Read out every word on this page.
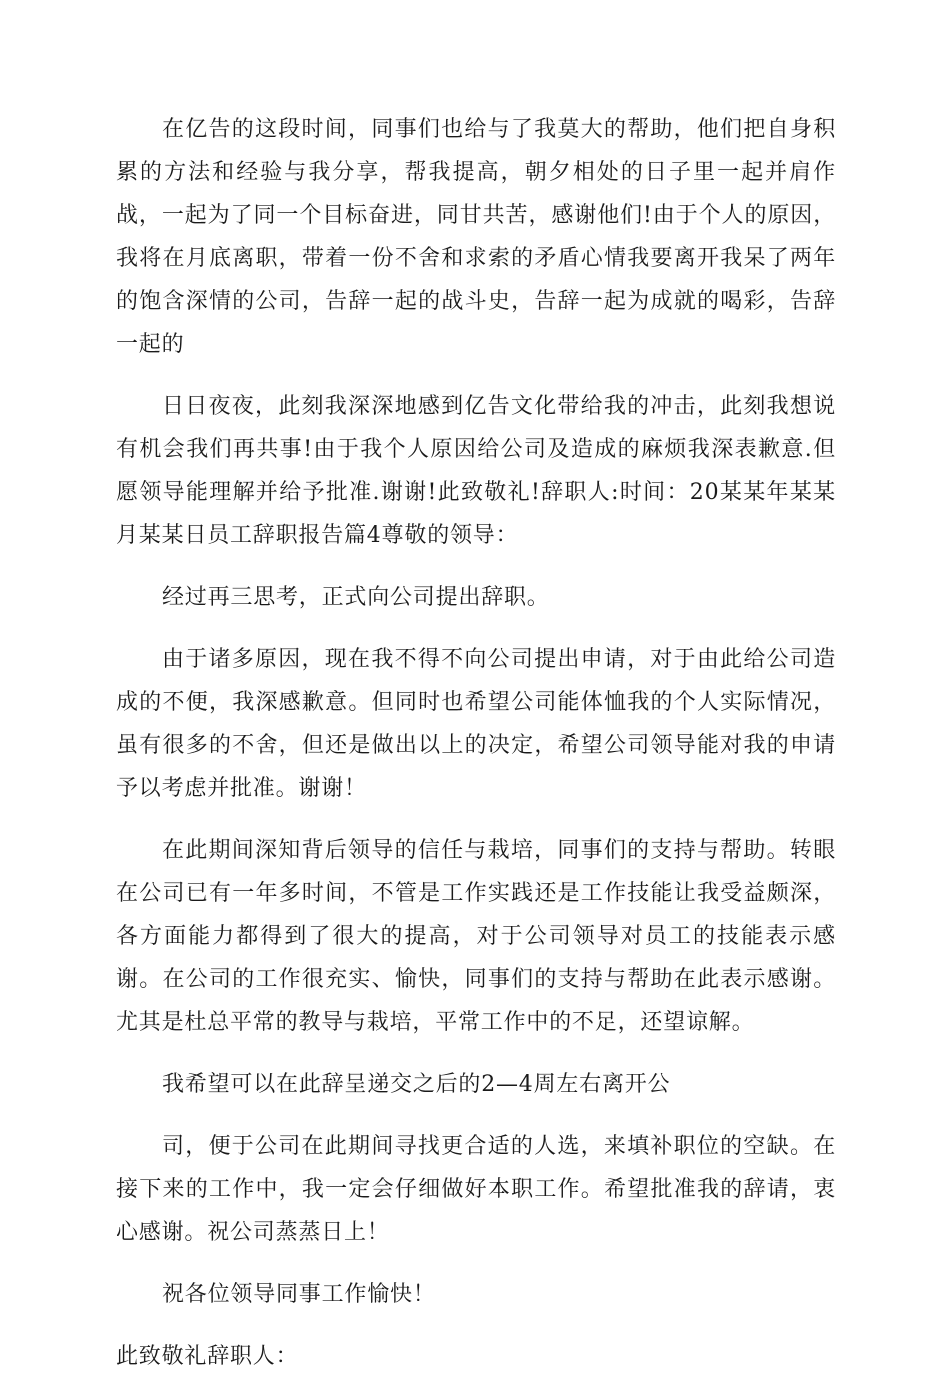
在亿告的这段时间，同事们也给与了我莫大的帮助，他们把自身积累的方法和经验与我分享，帮我提高，朝夕相处的日子里一起并肩作战，一起为了同一个目标奋进，同甘共苦，感谢他们!由于个人的原因，我将在月底离职，带着一份不舍和求索的矛盾心情我要离开我呆了两年的饱含深情的公司，告辞一起的战斗史，告辞一起为成就的喝彩，告辞一起的

日日夜夜，此刻我深深地感到亿告文化带给我的冲击，此刻我想说有机会我们再共事!由于我个人原因给公司及造成的麻烦我深表歉意.但愿领导能理解并给予批准.谢谢!此致敬礼!辞职人:时间：20某某年某某月某某日员工辞职报告篇4尊敬的领导：

经过再三思考，正式向公司提出辞职。

由于诸多原因，现在我不得不向公司提出申请，对于由此给公司造成的不便，我深感歉意。但同时也希望公司能体恤我的个人实际情况，虽有很多的不舍，但还是做出以上的决定，希望公司领导能对我的申请予以考虑并批准。谢谢！

在此期间深知背后领导的信任与栽培，同事们的支持与帮助。转眼在公司已有一年多时间，不管是工作实践还是工作技能让我受益颇深，各方面能力都得到了很大的提高，对于公司领导对员工的技能表示感谢。在公司的工作很充实、愉快，同事们的支持与帮助在此表示感谢。尤其是杜总平常的教导与栽培，平常工作中的不足，还望谅解。

我希望可以在此辞呈递交之后的2—4周左右离开公

司，便于公司在此期间寻找更合适的人选，来填补职位的空缺。在接下来的工作中，我一定会仔细做好本职工作。希望批准我的辞请，衷心感谢。祝公司蒸蒸日上！

祝各位领导同事工作愉快！

此致敬礼辞职人：
